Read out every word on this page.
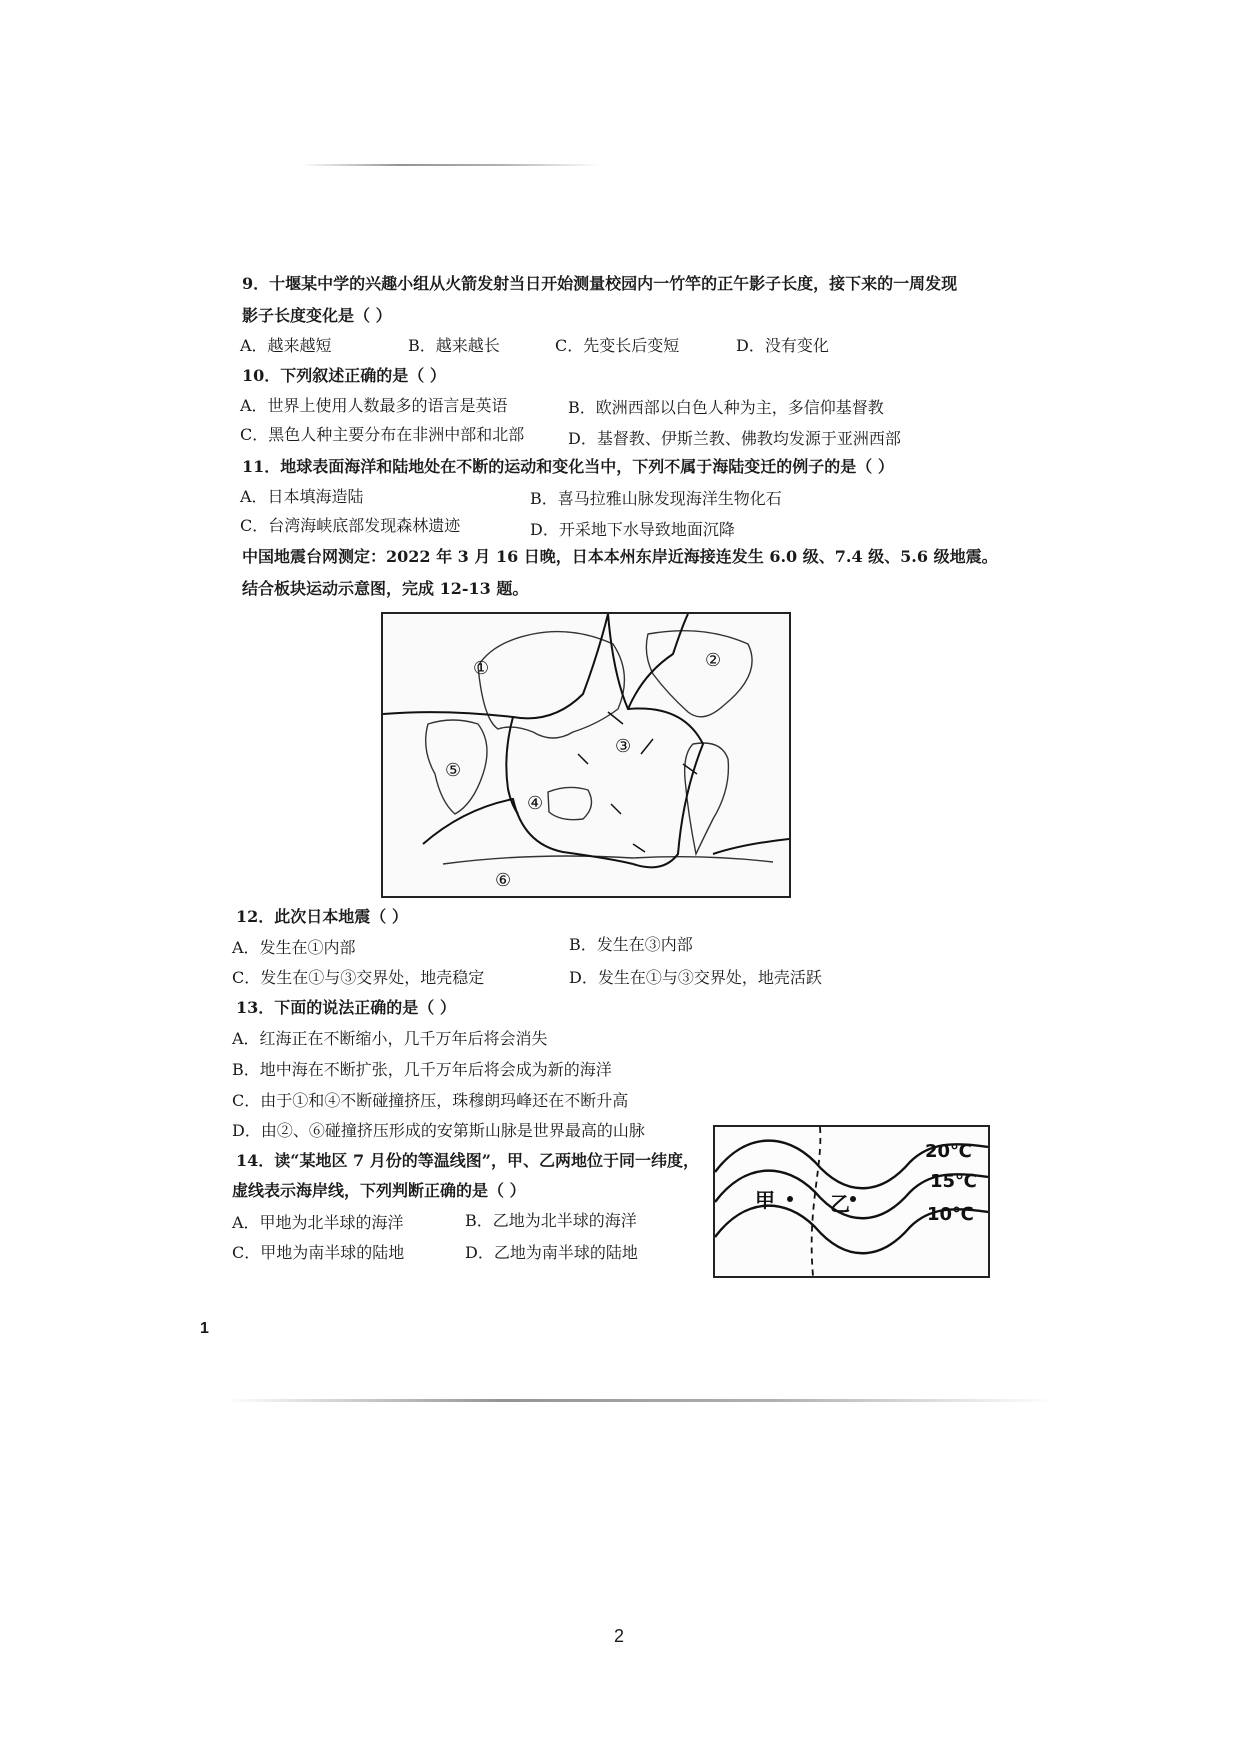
9．十堰某中学的兴趣小组从火箭发射当日开始测量校园内一竹竿的正午影子长度，接下来的一周发现
影子长度变化是（ ）
A．越来越短	B．越来越长	C．先变长后变短	D．没有变化
10．下列叙述正确的是（ ）
A．世界上使用人数最多的语言是英语	B．欧洲西部以白色人种为主，多信仰基督教
C．黑色人种主要分布在非洲中部和北部	D．基督教、伊斯兰教、佛教均发源于亚洲西部
11．地球表面海洋和陆地处在不断的运动和变化当中，下列不属于海陆变迁的例子的是（ ）
A．日本填海造陆	B．喜马拉雅山脉发现海洋生物化石
C．台湾海峡底部发现森林遗迹	D．开采地下水导致地面沉降
中国地震台网测定：2022 年 3 月 16 日晚，日本本州东岸近海接连发生 6.0 级、7.4 级、5.6 级地震。
结合板块运动示意图，完成 12-13 题。
①	②
③
④
⑤
⑥
12．此次日本地震（ ）
A．发生在①内部	B．发生在③内部
C．发生在①与③交界处，地壳稳定	D．发生在①与③交界处，地壳活跃
13．下面的说法正确的是（ ）
A．红海正在不断缩小，几千万年后将会消失
B．地中海在不断扩张，几千万年后将会成为新的海洋
C．由于①和④不断碰撞挤压，珠穆朗玛峰还在不断升高
D．由②、⑥碰撞挤压形成的安第斯山脉是世界最高的山脉
14．读“某地区 7 月份的等温线图”，甲、乙两地位于同一纬度，
虚线表示海岸线，下列判断正确的是（ ）
A．甲地为北半球的海洋	B．乙地为北半球的海洋
C．甲地为南半球的陆地	D．乙地为南半球的陆地
甲	乙
20℃
15℃
10℃
1
2
